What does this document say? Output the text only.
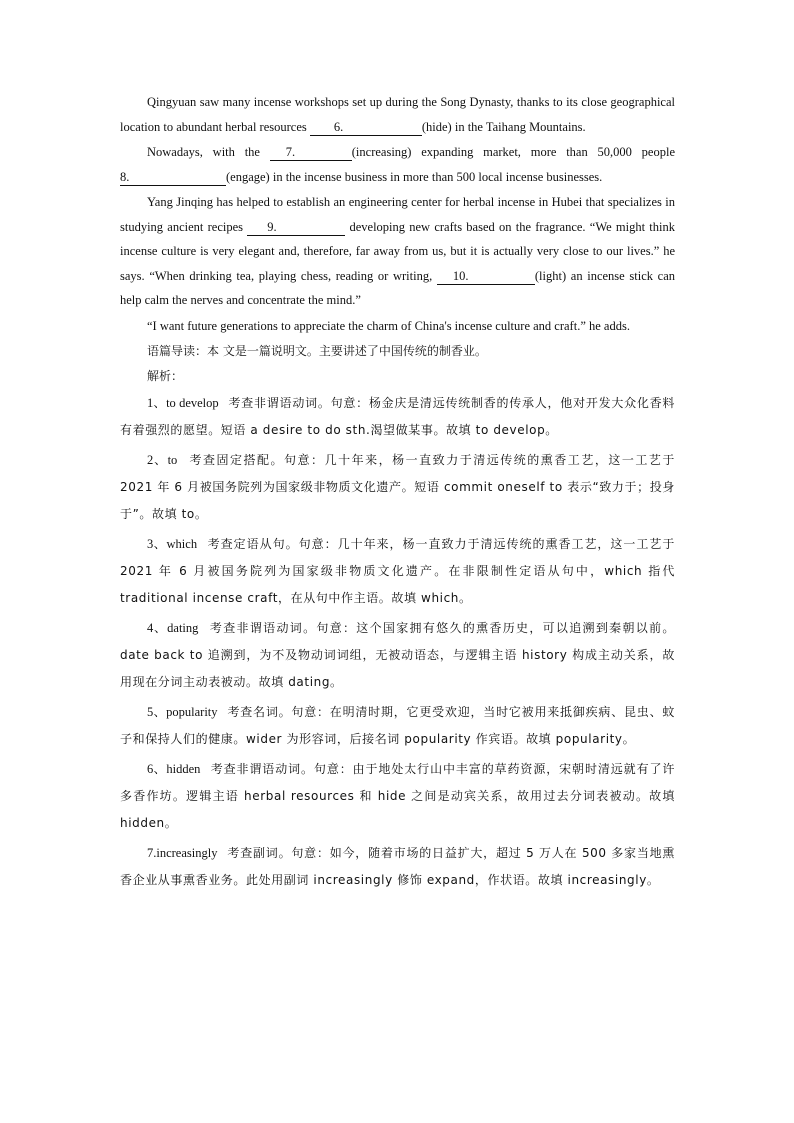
Qingyuan saw many incense workshops set up during the Song Dynasty, thanks to its close geographical location to abundant herbal resources 6.	(hide) in the Taihang Mountains.

Nowadays, with the 7.	(increasing) expanding market, more than 50,000 people 8.	(engage) in the incense business in more than 500 local incense businesses.

Yang Jinqing has helped to establish an engineering center for herbal incense in Hubei that specializes in studying ancient recipes 9.	developing new crafts based on the fragrance. “We might think incense culture is very elegant and, therefore, far away from us, but it is actually very close to our lives.” he says. “When drinking tea, playing chess, reading or writing, 10.	(light) an incense stick can help calm the nerves and concentrate the mind.”

“I want future generations to appreciate the charm of China's incense culture and craft.” he adds.

语篇导读：本 文是一篇说明文。主要讲述了中国传统的制香业。

解析：

1、to develop 考查非谓语动词。句意：杨金庆是清远传统制香的传承人，他对开发大众化香料有着强烈的愿望。短语 a desire to do sth.渴望做某事。故填 to develop。

2、to 考查固定搭配。句意：几十年来，杨一直致力于清远传统的熏香工艺，这一工艺于 2021 年 6 月被国务院列为国家级非物质文化遗产。短语 commit oneself to 表示“致力于；投身于”。故填 to。

3、which 考查定语从句。句意：几十年来，杨一直致力于清远传统的熏香工艺，这一工艺于 2021 年 6 月被国务院列为国家级非物质文化遗产。在非限制性定语从句中，which 指代 traditional incense craft，在从句中作主语。故填 which。

4、dating 考查非谓语动词。句意：这个国家拥有悠久的熏香历史，可以追溯到秦朝以前。date back to 追溯到，为不及物动词词组，无被动语态，与逻辑主语 history 构成主动关系，故用现在分词主动表被动。故填 dating。

5、popularity 考查名词。句意：在明清时期，它更受欢迎，当时它被用来抵御疾病、昆虫、蚊子和保持人们的健康。wider 为形容词，后接名词 popularity 作宾语。故填 popularity。

6、hidden 考查非谓语动词。句意：由于地处太行山中丰富的草药资源，宋朝时清远就有了许多香作坊。逻辑主语 herbal resources 和 hide 之间是动宾关系，故用过去分词表被动。故填 hidden。

7.increasingly 考查副词。句意：如今，随着市场的日益扩大，超过 5 万人在 500 多家当地熏香企业从事熏香业务。此处用副词 increasingly 修饰 expand，作状语。故填 increasingly。
